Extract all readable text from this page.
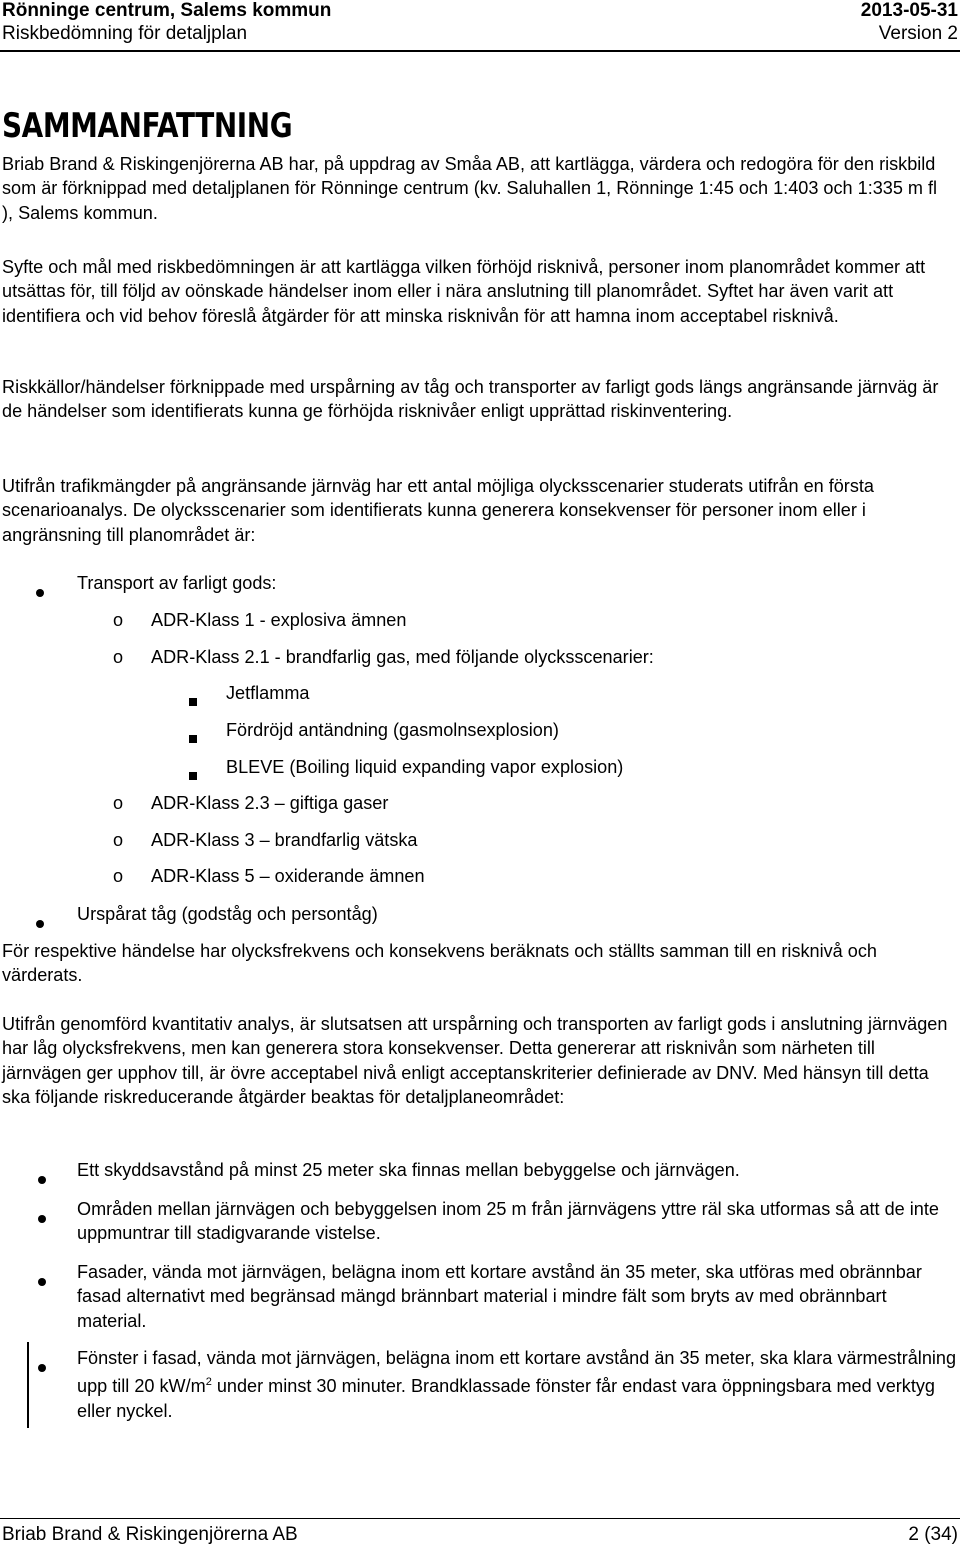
Rönninge centrum, Salems kommun	2013-05-31
Riskbedömning för detaljplan	Version 2
SAMMANFATTNING

Briab Brand & Riskingenjörerna AB har, på uppdrag av Småa AB, att kartlägga, värdera och redogöra för den riskbild som är förknippad med detaljplanen för Rönninge centrum (kv. Saluhallen 1, Rönninge 1:45 och 1:403 och 1:335 m fl ), Salems kommun.

Syfte och mål med riskbedömningen är att kartlägga vilken förhöjd risknivå, personer inom planområdet kommer att utsättas för, till följd av oönskade händelser inom eller i nära anslutning till planområdet. Syftet har även varit att identifiera och vid behov föreslå åtgärder för att minska risknivån för att hamna inom acceptabel risknivå.

Riskkällor/händelser förknippade med urspårning av tåg och transporter av farligt gods längs angränsande järnväg är de händelser som identifierats kunna ge förhöjda risknivåer enligt upprättad riskinventering.

Utifrån trafikmängder på angränsande järnväg har ett antal möjliga olycksscenarier studerats utifrån en första scenarioanalys. De olycksscenarier som identifierats kunna generera konsekvenser för personer inom eller i angränsning till planområdet är:

Transport av farligt gods:
o ADR-Klass 1 - explosiva ämnen
o ADR-Klass 2.1 - brandfarlig gas, med följande olycksscenarier:
Jetflamma
Fördröjd antändning (gasmolnsexplosion)
BLEVE (Boiling liquid expanding vapor explosion)
o ADR-Klass 2.3 – giftiga gaser
o ADR-Klass 3 – brandfarlig vätska
o ADR-Klass 5 – oxiderande ämnen
Urspårat tåg (godståg och persontåg)

För respektive händelse har olycksfrekvens och konsekvens beräknats och ställts samman till en risknivå och värderats.

Utifrån genomförd kvantitativ analys, är slutsatsen att urspårning och transporten av farligt gods i anslutning järnvägen har låg olycksfrekvens, men kan generera stora konsekvenser. Detta genererar att risknivån som närheten till järnvägen ger upphov till, är övre acceptabel nivå enligt acceptanskriterier definierade av DNV. Med hänsyn till detta ska följande riskreducerande åtgärder beaktas för detaljplaneområdet:

Ett skyddsavstånd på minst 25 meter ska finnas mellan bebyggelse och järnvägen.
Områden mellan järnvägen och bebyggelsen inom 25 m från järnvägens yttre räl ska utformas så att de inte uppmuntrar till stadigvarande vistelse.
Fasader, vända mot järnvägen, belägna inom ett kortare avstånd än 35 meter, ska utföras med obrännbar fasad alternativt med begränsad mängd brännbart material i mindre fält som bryts av med obrännbart material.
Fönster i fasad, vända mot järnvägen, belägna inom ett kortare avstånd än 35 meter, ska klara värmestrålning upp till 20 $kW/m^2$ under minst 30 minuter. Brandklassade fönster får endast vara öppningsbara med verktyg eller nyckel.
Briab Brand & Riskingenjörerna AB	2 (34)
